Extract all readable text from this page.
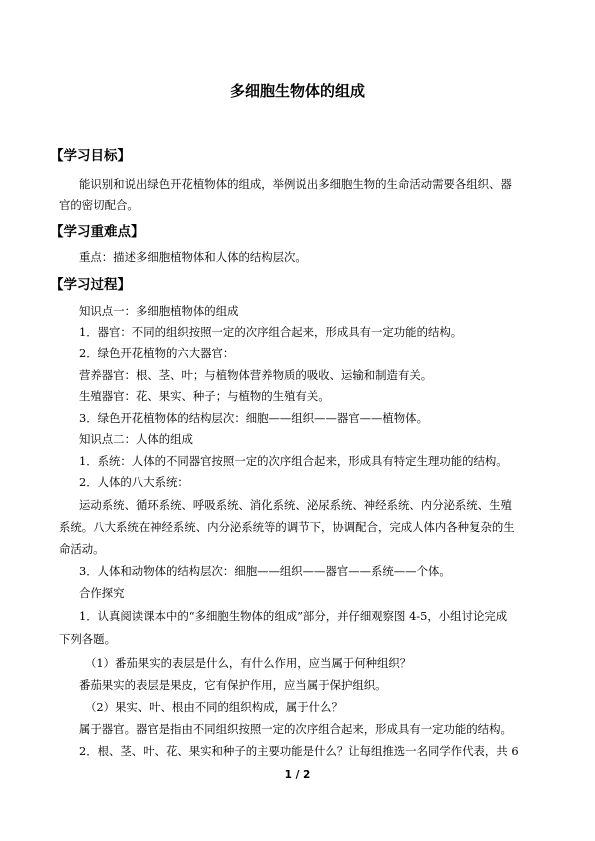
多细胞生物体的组成
【学习目标】
能识别和说出绿色开花植物体的组成，举例说出多细胞生物的生命活动需要各组织、器
官的密切配合。
【学习重难点】
重点：描述多细胞植物体和人体的结构层次。
【学习过程】
知识点一：多细胞植物体的组成
1．器官：不同的组织按照一定的次序组合起来，形成具有一定功能的结构。
2．绿色开花植物的六大器官：
营养器官：根、茎、叶；与植物体营养物质的吸收、运输和制造有关。
生殖器官：花、果实、种子；与植物的生殖有关。
3．绿色开花植物体的结构层次：细胞——组织——器官——植物体。
知识点二：人体的组成
1．系统：人体的不同器官按照一定的次序组合起来，形成具有特定生理功能的结构。
2．人体的八大系统：
运动系统、循环系统、呼吸系统、消化系统、泌尿系统、神经系统、内分泌系统、生殖
系统。八大系统在神经系统、内分泌系统等的调节下，协调配合，完成人体内各种复杂的生
命活动。
3．人体和动物体的结构层次：细胞——组织——器官——系统——个体。
合作探究
1．认真阅读课本中的“多细胞生物体的组成”部分，并仔细观察图 4-5，小组讨论完成
下列各题。
（1）番茄果实的表层是什么，有什么作用，应当属于何种组织？
番茄果实的表层是果皮，它有保护作用，应当属于保护组织。
（2）果实、叶、根由不同的组织构成，属于什么？
属于器官。器官是指由不同组织按照一定的次序组合起来，形成具有一定功能的结构。
2．根、茎、叶、花、果实和种子的主要功能是什么？让每组推选一名同学作代表，共 6
1 / 2
